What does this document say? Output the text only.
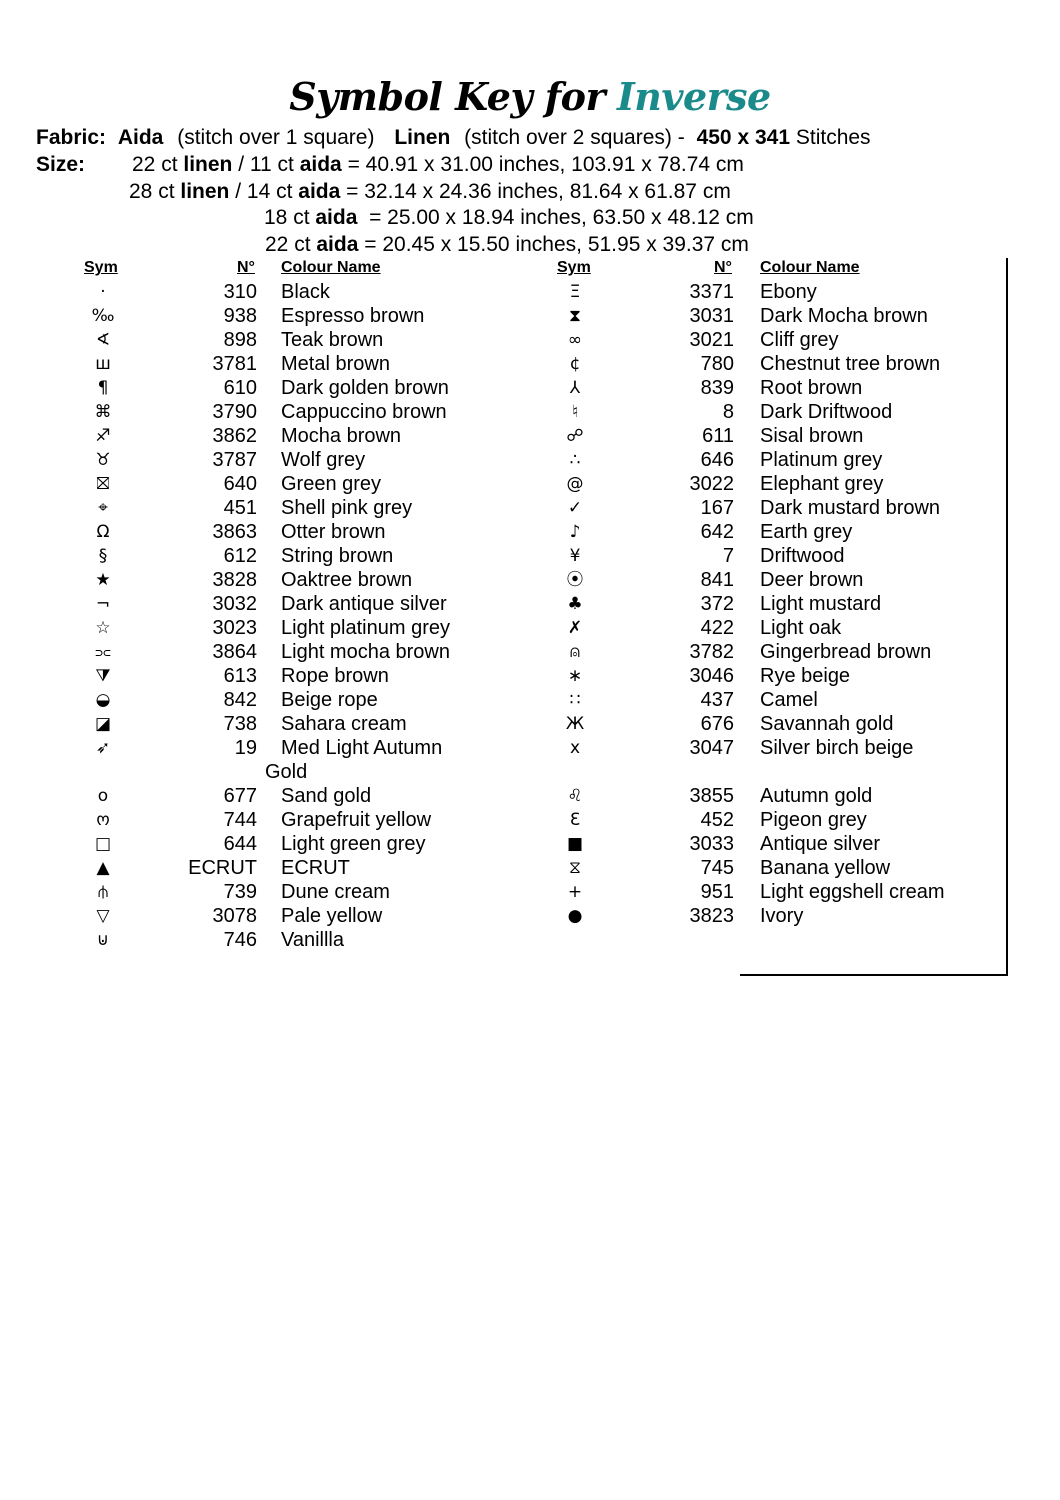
Symbol Key for Inverse
Fabric: Aida (stitch over 1 square) Linen (stitch over 2 squares) - 450 x 341 Stitches
Size: 22 ct linen / 11 ct aida = 40.91 x 31.00 inches, 103.91 x 78.74 cm
28 ct linen / 14 ct aida = 32.14 x 24.36 inches, 81.64 x 61.87 cm
18 ct aida  = 25.00 x 18.94 inches, 63.50 x 48.12 cm
22 ct aida = 20.45 x 15.50 inches, 51.95 x 39.37 cm
Sym	N° Colour Name	Sym	N° Colour Name
·	310 Black
‰	938 Espresso brown
∢	898 Teak brown
ш	3781 Metal brown
¶	610 Dark golden brown
⌘	3790 Cappuccino brown
♐	3862 Mocha brown
♉	3787 Wolf grey
⛝	640 Green grey
⌖	451 Shell pink grey
Ω	3863 Otter brown
§	612 String brown
★	3828 Oaktree brown
¬	3032 Dark antique silver
☆	3023 Light platinum grey
⫗	3864 Light mocha brown
⧩	613 Rope brown
◒	842 Beige rope
◪	738 Sahara cream
➶	19 Med Light Autumn
Gold
o	677 Sand gold
ო	744 Grapefruit yellow
□	644 Light green grey
▲	ECRUT ECRUT
⫛	739 Dune cream
▽	3078 Pale yellow
⊍	746 Vanillla
Ξ	3371 Ebony
⧗	3031 Dark Mocha brown
∞	3021 Cliff grey
¢	780 Chestnut tree brown
⅄	839 Root brown
♮	8 Dark Driftwood
☍	611 Sisal brown
∴	646 Platinum grey
@	3022 Elephant grey
✓	167 Dark mustard brown
♪	642 Earth grey
¥	7 Driftwood
⦿	841 Deer brown
♣	372 Light mustard
✗	422 Light oak
⍝	3782 Gingerbread brown
∗	3046 Rye beige
∷	437 Camel
Ж	676 Savannah gold
x	3047 Silver birch beige
♌	3855 Autumn gold
Ɛ	452 Pigeon grey
■	3033 Antique silver
⧖	745 Banana yellow
+	951 Light eggshell cream
●	3823 Ivory
